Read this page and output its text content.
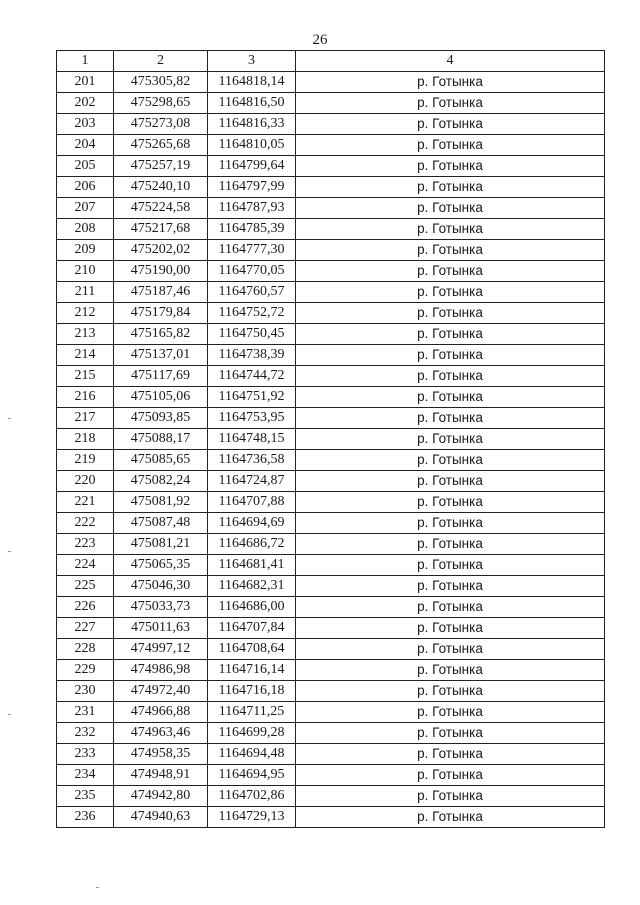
26
1	2	3	4
201	475305,82	1164818,14	р. Готынка
202	475298,65	1164816,50	р. Готынка
203	475273,08	1164816,33	р. Готынка
204	475265,68	1164810,05	р. Готынка
205	475257,19	1164799,64	р. Готынка
206	475240,10	1164797,99	р. Готынка
207	475224,58	1164787,93	р. Готынка
208	475217,68	1164785,39	р. Готынка
209	475202,02	1164777,30	р. Готынка
210	475190,00	1164770,05	р. Готынка
211	475187,46	1164760,57	р. Готынка
212	475179,84	1164752,72	р. Готынка
213	475165,82	1164750,45	р. Готынка
214	475137,01	1164738,39	р. Готынка
215	475117,69	1164744,72	р. Готынка
216	475105,06	1164751,92	р. Готынка
217	475093,85	1164753,95	р. Готынка
218	475088,17	1164748,15	р. Готынка
219	475085,65	1164736,58	р. Готынка
220	475082,24	1164724,87	р. Готынка
221	475081,92	1164707,88	р. Готынка
222	475087,48	1164694,69	р. Готынка
223	475081,21	1164686,72	р. Готынка
224	475065,35	1164681,41	р. Готынка
225	475046,30	1164682,31	р. Готынка
226	475033,73	1164686,00	р. Готынка
227	475011,63	1164707,84	р. Готынка
228	474997,12	1164708,64	р. Готынка
229	474986,98	1164716,14	р. Готынка
230	474972,40	1164716,18	р. Готынка
231	474966,88	1164711,25	р. Готынка
232	474963,46	1164699,28	р. Готынка
233	474958,35	1164694,48	р. Готынка
234	474948,91	1164694,95	р. Готынка
235	474942,80	1164702,86	р. Готынка
236	474940,63	1164729,13	р. Готынка
